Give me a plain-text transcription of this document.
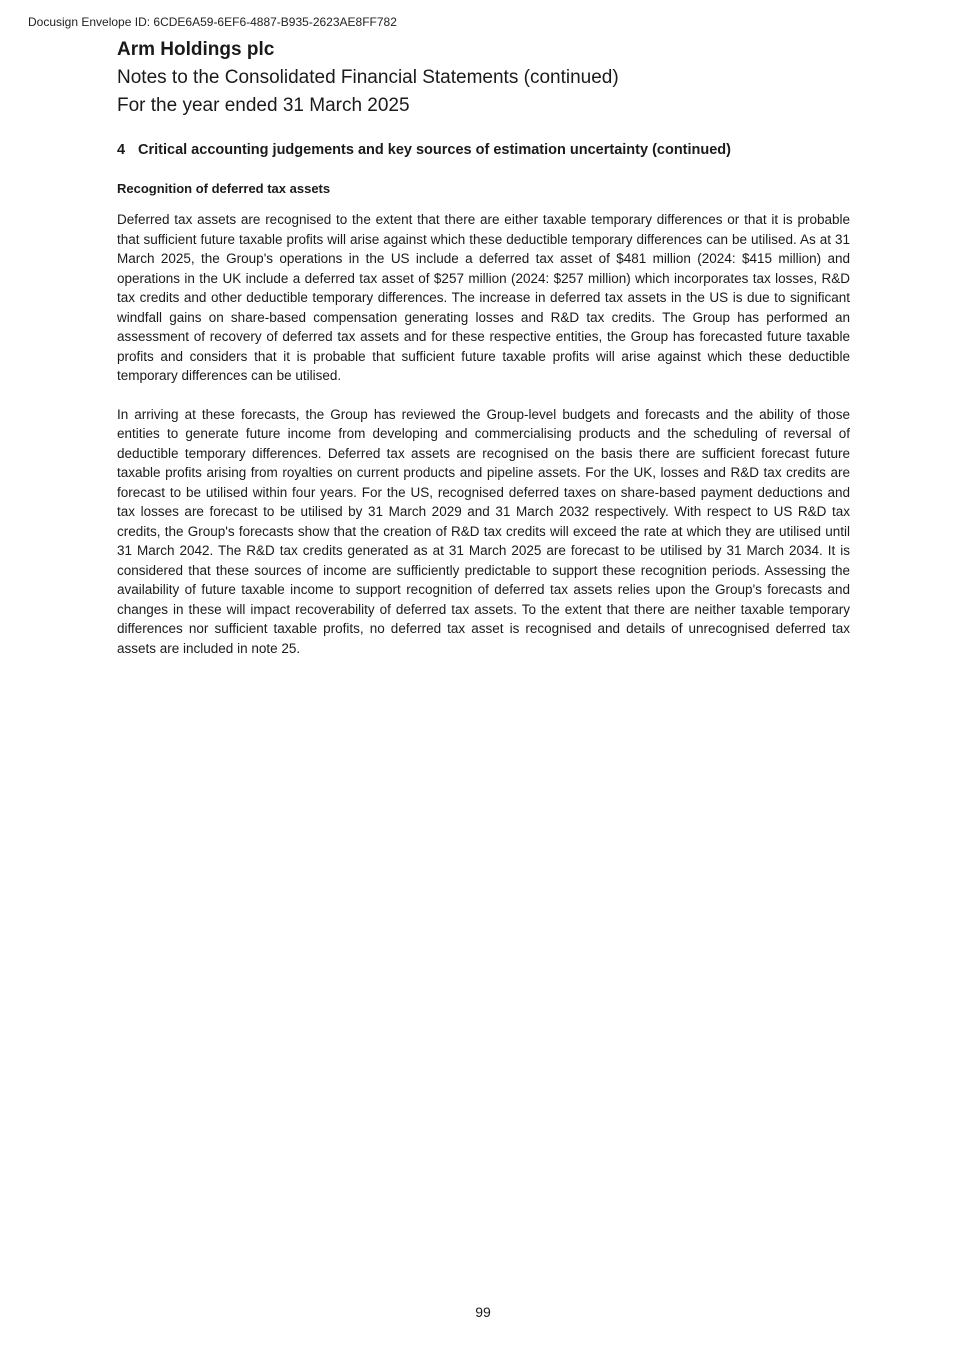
Docusign Envelope ID: 6CDE6A59-6EF6-4887-B935-2623AE8FF782

Arm Holdings plc

Notes to the Consolidated Financial Statements (continued)

For the year ended 31 March 2025

4 Critical accounting judgements and key sources of estimation uncertainty (continued)
Recognition of deferred tax assets

Deferred tax assets are recognised to the extent that there are either taxable temporary differences or that it is probable that sufficient future taxable profits will arise against which these deductible temporary differences can be utilised. As at 31 March 2025, the Group's operations in the US include a deferred tax asset of $481 million (2024: $415 million) and operations in the UK include a deferred tax asset of $257 million (2024: $257 million) which incorporates tax losses, R&D tax credits and other deductible temporary differences. The increase in deferred tax assets in the US is due to significant windfall gains on share-based compensation generating losses and R&D tax credits. The Group has performed an assessment of recovery of deferred tax assets and for these respective entities, the Group has forecasted future taxable profits and considers that it is probable that sufficient future taxable profits will arise against which these deductible temporary differences can be utilised.

In arriving at these forecasts, the Group has reviewed the Group-level budgets and forecasts and the ability of those entities to generate future income from developing and commercialising products and the scheduling of reversal of deductible temporary differences. Deferred tax assets are recognised on the basis there are sufficient forecast future taxable profits arising from royalties on current products and pipeline assets. For the UK, losses and R&D tax credits are forecast to be utilised within four years. For the US, recognised deferred taxes on share-based payment deductions and tax losses are forecast to be utilised by 31 March 2029 and 31 March 2032 respectively. With respect to US R&D tax credits, the Group's forecasts show that the creation of R&D tax credits will exceed the rate at which they are utilised until 31 March 2042. The R&D tax credits generated as at 31 March 2025 are forecast to be utilised by 31 March 2034. It is considered that these sources of income are sufficiently predictable to support these recognition periods. Assessing the availability of future taxable income to support recognition of deferred tax assets relies upon the Group's forecasts and changes in these will impact recoverability of deferred tax assets. To the extent that there are neither taxable temporary differences nor sufficient taxable profits, no deferred tax asset is recognised and details of unrecognised deferred tax assets are included in note 25.

99
